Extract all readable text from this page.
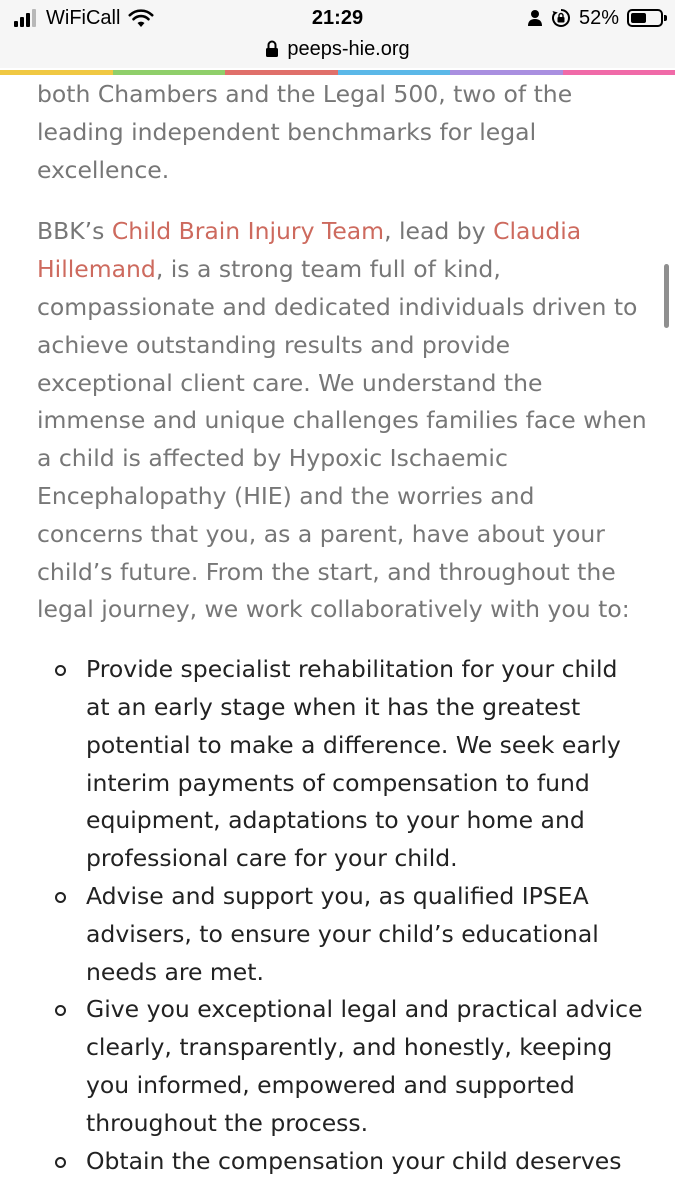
WiFiCall	21:29	52%
peeps-hie.org

both Chambers and the Legal 500, two of the leading independent benchmarks for legal excellence.

BBK’s Child Brain Injury Team, lead by Claudia Hillemand, is a strong team full of kind, compassionate and dedicated individuals driven to achieve outstanding results and provide exceptional client care. We understand the immense and unique challenges families face when a child is affected by Hypoxic Ischaemic Encephalopathy (HIE) and the worries and concerns that you, as a parent, have about your child’s future. From the start, and throughout the legal journey, we work collaboratively with you to:

Provide specialist rehabilitation for your child at an early stage when it has the greatest potential to make a difference. We seek early interim payments of compensation to fund equipment, adaptations to your home and professional care for your child.
Advise and support you, as qualified IPSEA advisers, to ensure your child’s educational needs are met.
Give you exceptional legal and practical advice clearly, transparently, and honestly, keeping you informed, empowered and supported throughout the process.
Obtain the compensation your child deserves
